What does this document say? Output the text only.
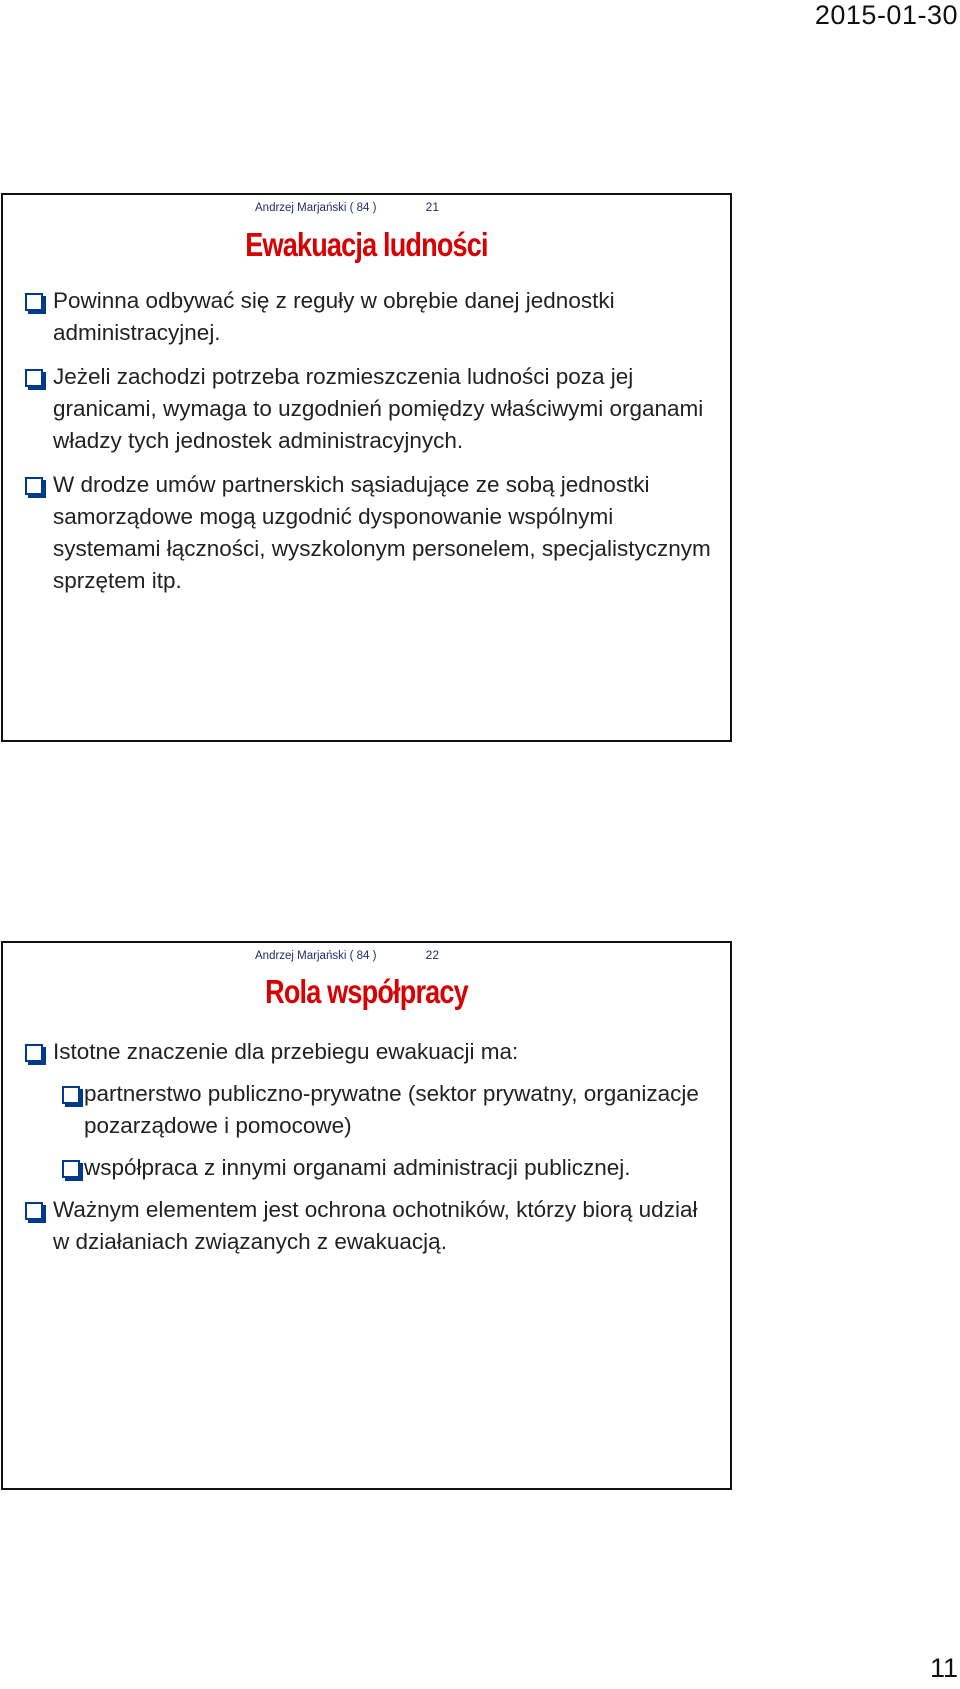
2015-01-30
Andrzej Marjański ( 84 )	21
Ewakuacja ludności
Powinna odbywać się z reguły w obrębie danej jednostki administracyjnej.
Jeżeli zachodzi potrzeba rozmieszczenia ludności poza jej granicami, wymaga to uzgodnień pomiędzy właściwymi organami władzy tych jednostek administracyjnych.
W drodze umów partnerskich sąsiadujące ze sobą jednostki samorządowe mogą uzgodnić dysponowanie wspólnymi systemami łączności, wyszkolonym personelem, specjalistycznym sprzętem itp.
Andrzej Marjański ( 84 )	22
Rola współpracy
Istotne znaczenie dla przebiegu ewakuacji ma:
partnerstwo publiczno-prywatne (sektor prywatny, organizacje pozarządowe i pomocowe)
współpraca z innymi organami administracji publicznej.
Ważnym elementem jest ochrona ochotników, którzy biorą udział w działaniach związanych z ewakuacją.
11
